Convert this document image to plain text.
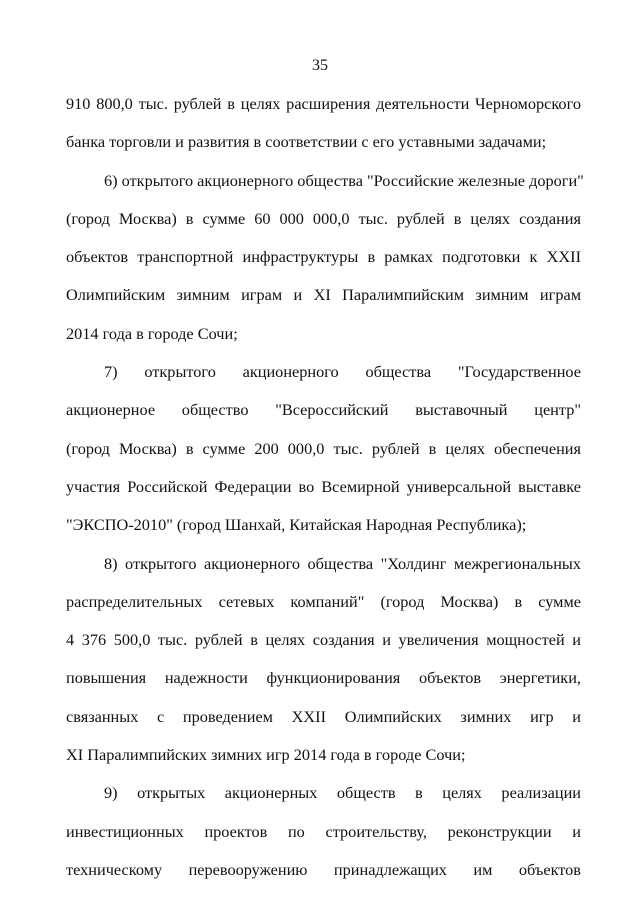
35
910 800,0 тыс. рублей в целях расширения деятельности Черноморского
банка торговли и развития в соответствии с его уставными задачами;
6) открытого акционерного общества "Российские железные дороги"
(город Москва) в сумме 60 000 000,0 тыс. рублей в целях создания
объектов транспортной инфраструктуры в рамках подготовки к XXII
Олимпийским зимним играм и XI Паралимпийским зимним играм
2014 года в городе Сочи;
7) открытого акционерного общества "Государственное
акционерное общество "Всероссийский выставочный центр"
(город Москва) в сумме 200 000,0 тыс. рублей в целях обеспечения
участия Российской Федерации во Всемирной универсальной выставке
"ЭКСПО-2010" (город Шанхай, Китайская Народная Республика);
8) открытого акционерного общества "Холдинг межрегиональных
распределительных сетевых компаний" (город Москва) в сумме
4 376 500,0 тыс. рублей в целях создания и увеличения мощностей и
повышения надежности функционирования объектов энергетики,
связанных с проведением XXII Олимпийских зимних игр и
XI Паралимпийских зимних игр 2014 года в городе Сочи;
9) открытых акционерных обществ в целях реализации
инвестиционных проектов по строительству, реконструкции и
техническому перевооружению принадлежащих им объектов
